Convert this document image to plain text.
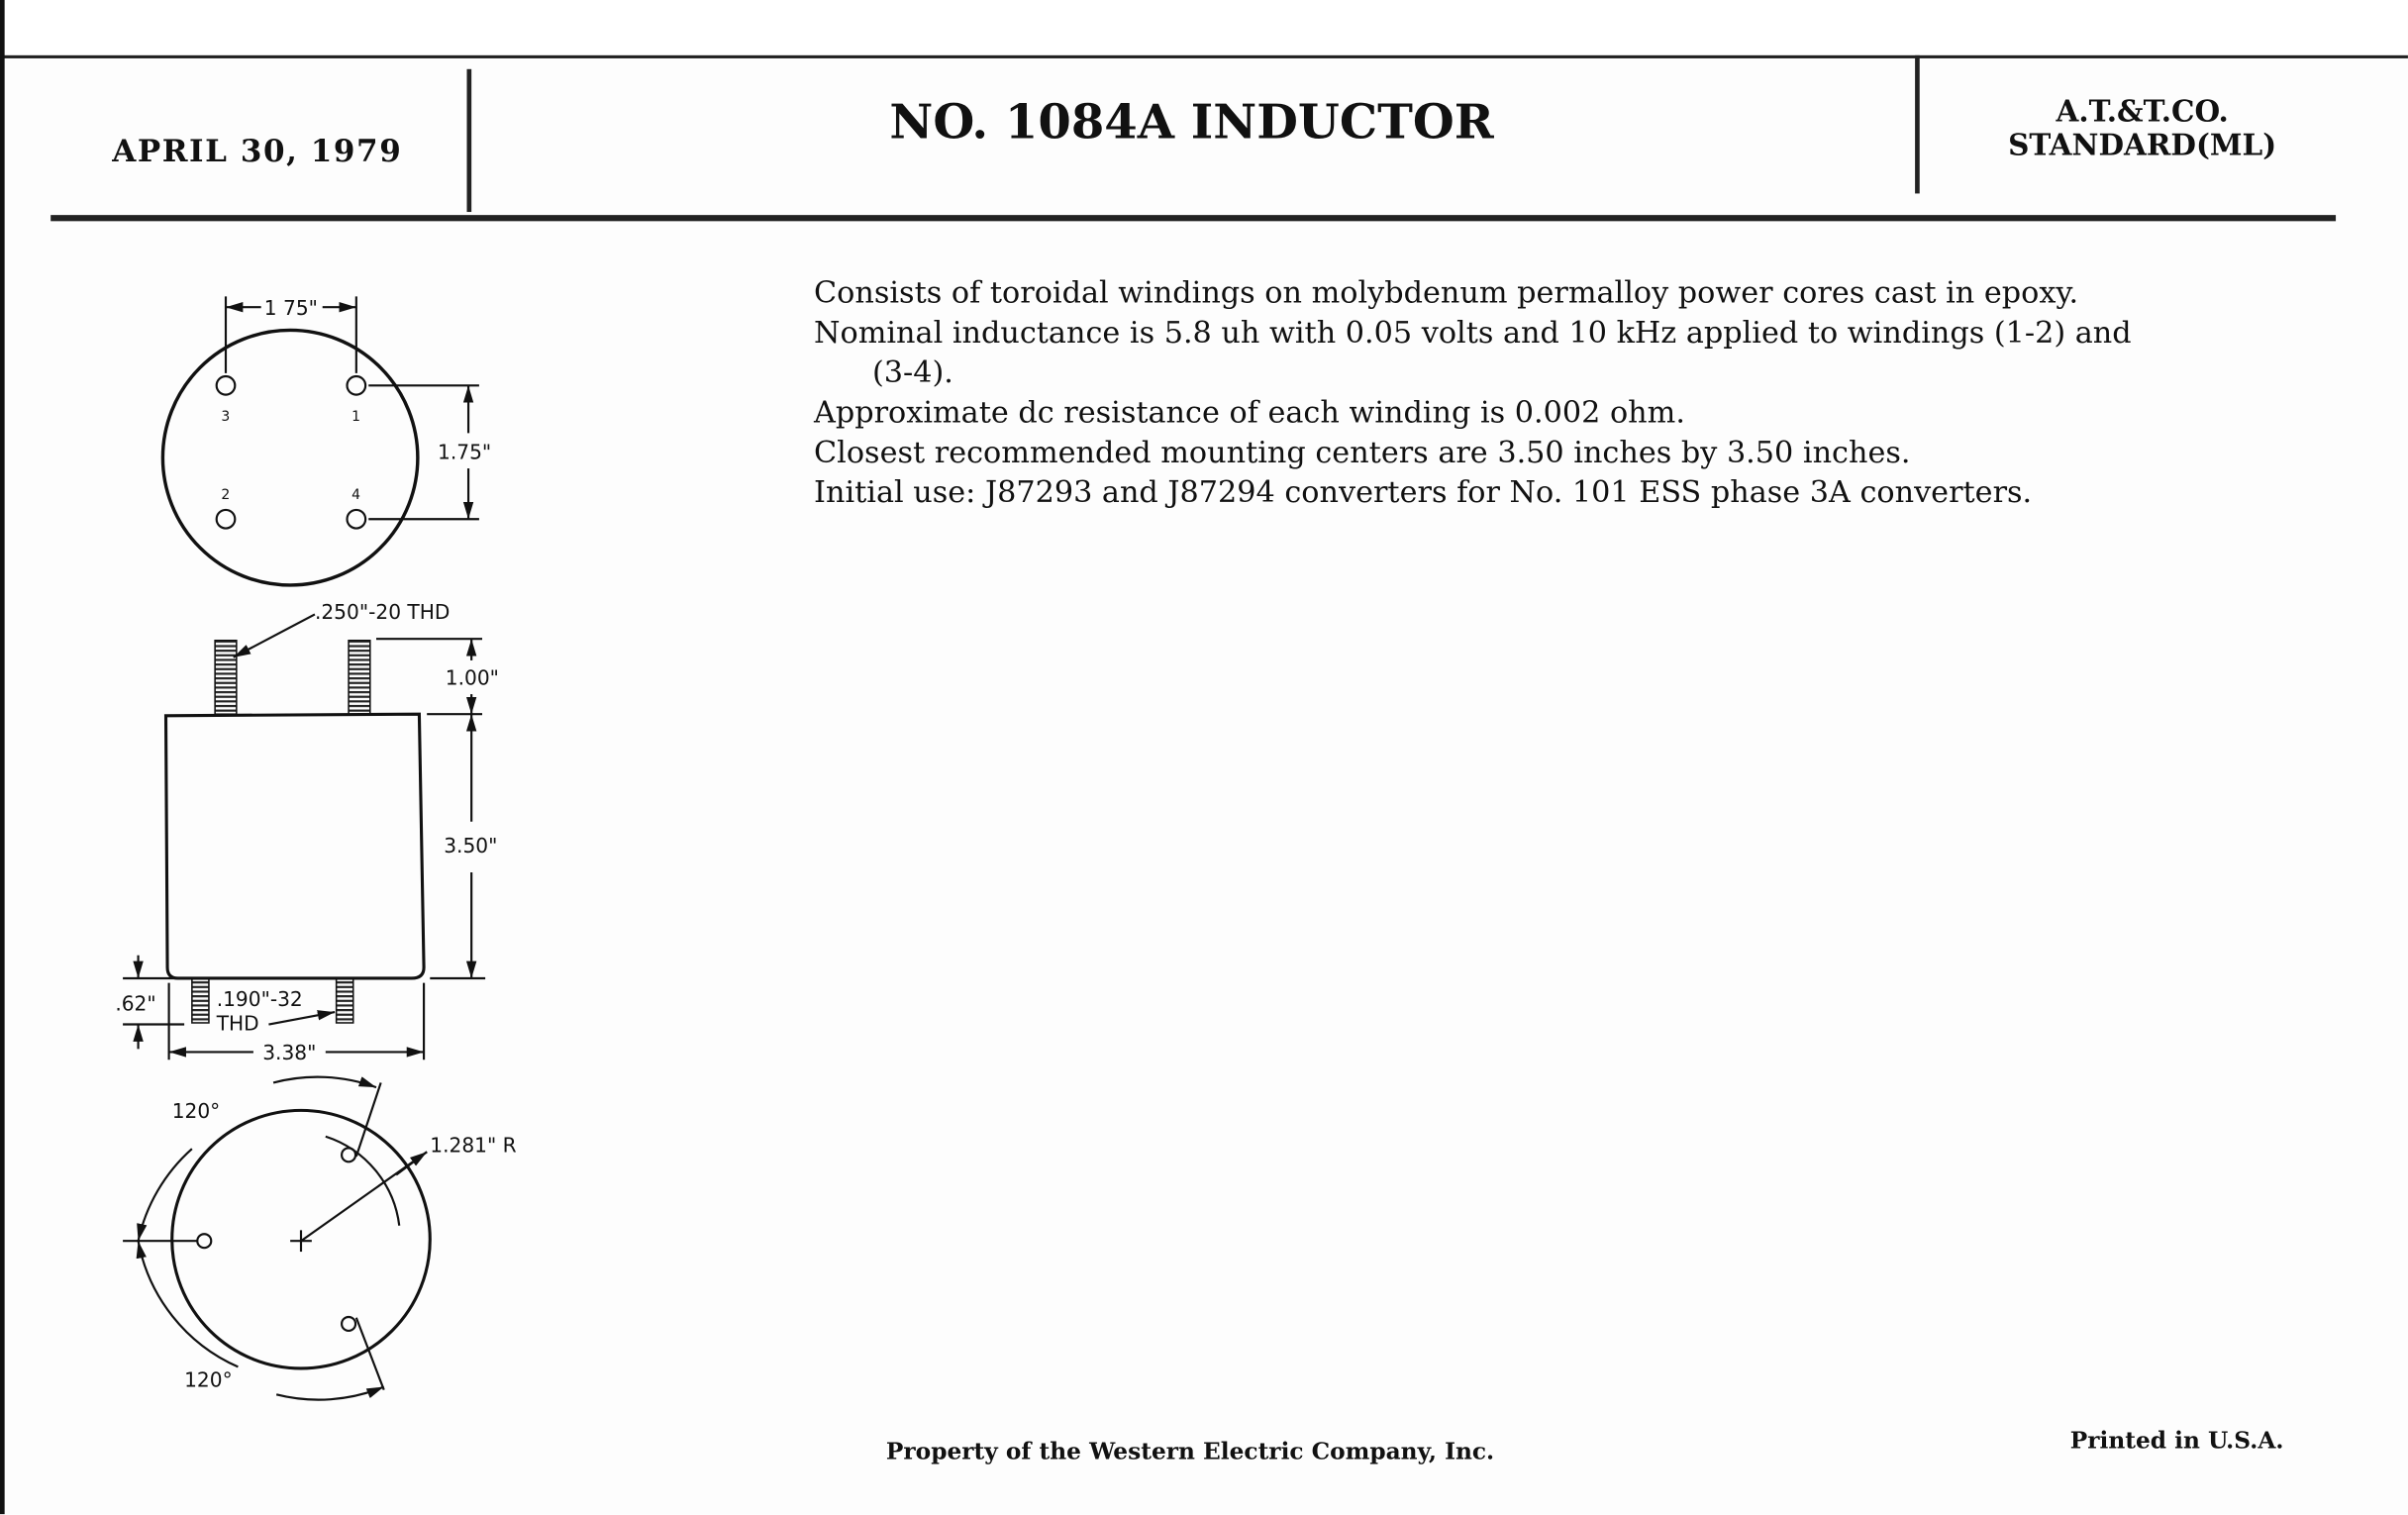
APRIL 30, 1979	NO. 1084A INDUCTOR	A.T.&T.CO.
STANDARD(ML)

Consists of toroidal windings on molybdenum permalloy power cores cast in epoxy.

Nominal inductance is 5.8 uh with 0.05 volts and 10 kHz applied to windings (1-2) and

(3-4).

Approximate dc resistance of each winding is 0.002 ohm.

Closest recommended mounting centers are 3.50 inches by 3.50 inches.

Initial use: J87293 and J87294 converters for No. 101 ESS phase 3A converters.

1 75"
1.75"
3	1
2	4
.250"-20 THD
1.00"
3.50"
.62"	.190"-32
THD
3.38"
120°
120°
1.281" R
Property of the Western Electric Company, Inc.	Printed in U.S.A.
